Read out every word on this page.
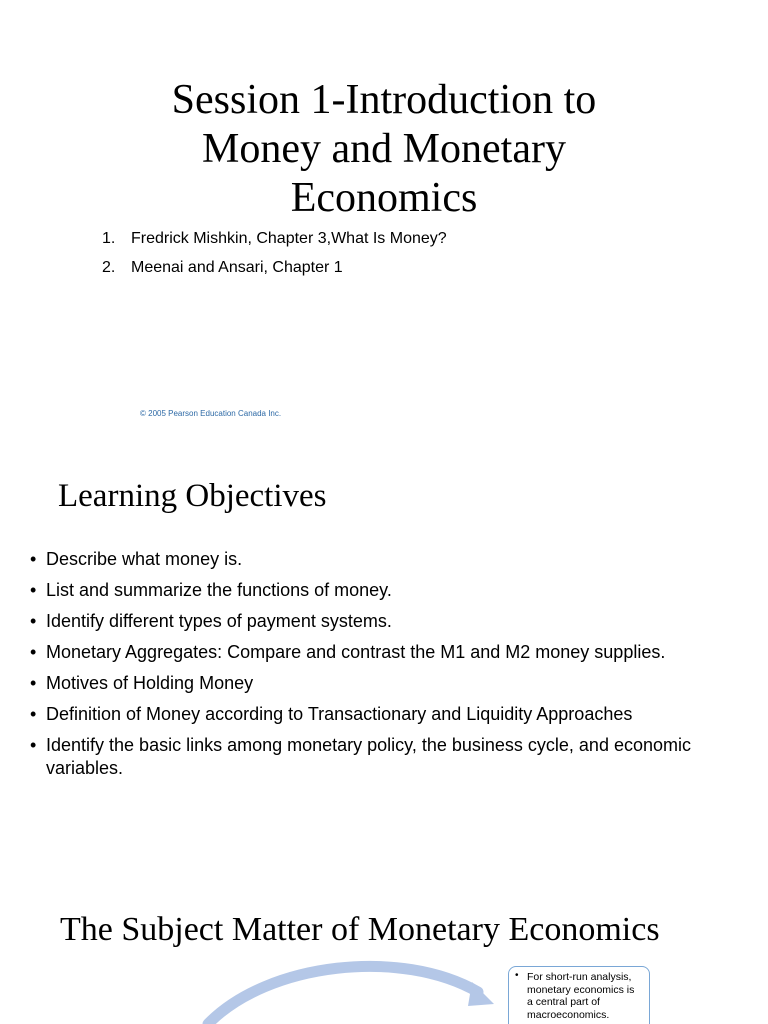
Session 1-Introduction to
Money and Monetary
Economics
1. Fredrick Mishkin, Chapter 3,What Is Money?
2. Meenai and Ansari, Chapter 1
© 2005 Pearson Education Canada Inc.
Learning Objectives
• Describe what money is.
• List and summarize the functions of money.
• Identify different types of payment systems.
• Monetary Aggregates: Compare and contrast the M1 and M2 money supplies.
• Motives of Holding Money
• Definition of Money according to Transactionary and Liquidity Approaches
• Identify the basic links among monetary policy, the business cycle, and economic variables.
The Subject Matter of Monetary Economics
• For short-run analysis, monetary economics is a central part of macroeconomics.
